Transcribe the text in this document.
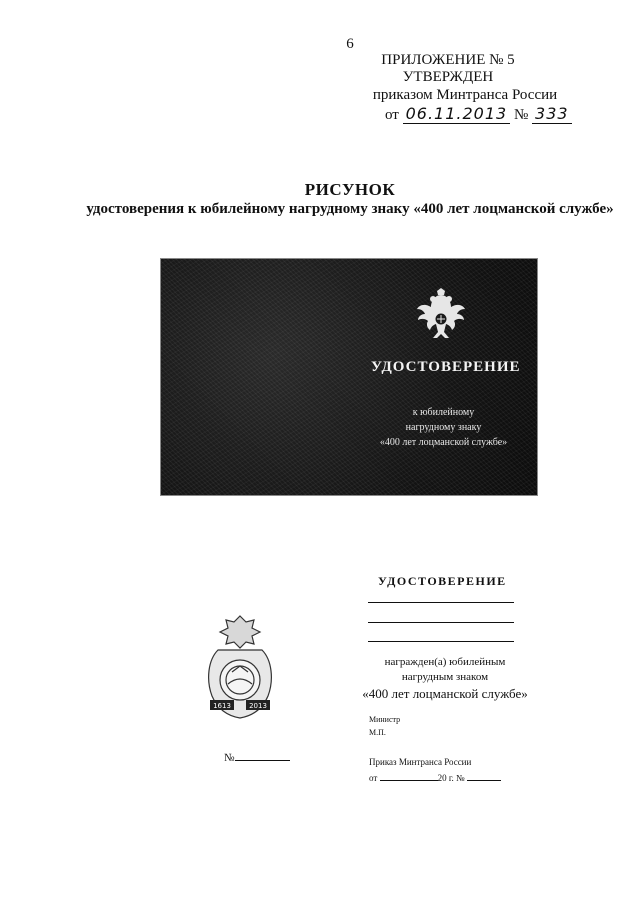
6
ПРИЛОЖЕНИЕ № 5
УТВЕРЖДЕН
приказом Минтранса России
от 06.11.2013 № 333
РИСУНОК
удостоверения к юбилейному нагрудному знаку «400 лет лоцманской службе»
УДОСТОВЕРЕНИЕ
к юбилейному
нагрудному знаку
«400 лет лоцманской службе»
1613	2013
№
УДОСТОВЕРЕНИЕ
награжден(а) юбилейным
нагрудным знаком
«400 лет лоцманской службе»
Министр
М.П.
Приказ Минтранса России
от	20 г. №
